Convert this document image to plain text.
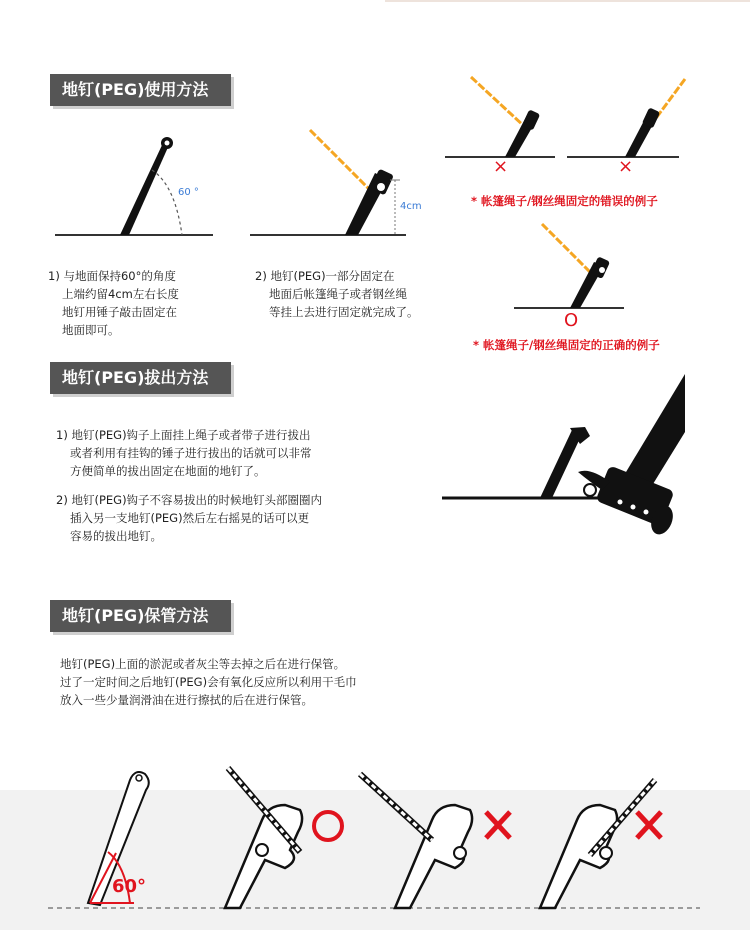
地钉(PEG)使用方法
60 °
4cm
1) 与地面保持60°的角度
上端约留4cm左右长度
地钉用锤子敲击固定在
地面即可。
2) 地钉(PEG)一部分固定在
地面后帐篷绳子或者钢丝绳
等挂上去进行固定就完成了。
×	×
* 帐篷绳子/钢丝绳固定的错误的例子
O
* 帐篷绳子/钢丝绳固定的正确的例子
地钉(PEG)拔出方法
1) 地钉(PEG)钩子上面挂上绳子或者带子进行拔出
或者利用有挂钩的锤子进行拔出的话就可以非常
方便简单的拔出固定在地面的地钉了。
2) 地钉(PEG)钩子不容易拔出的时候地钉头部圈圈内
插入另一支地钉(PEG)然后左右摇晃的话可以更
容易的拔出地钉。
地钉(PEG)保管方法
地钉(PEG)上面的淤泥或者灰尘等去掉之后在进行保管。
过了一定时间之后地钉(PEG)会有氧化反应所以利用干毛巾
放入一些少量润滑油在进行擦拭的后在进行保管。
60°
